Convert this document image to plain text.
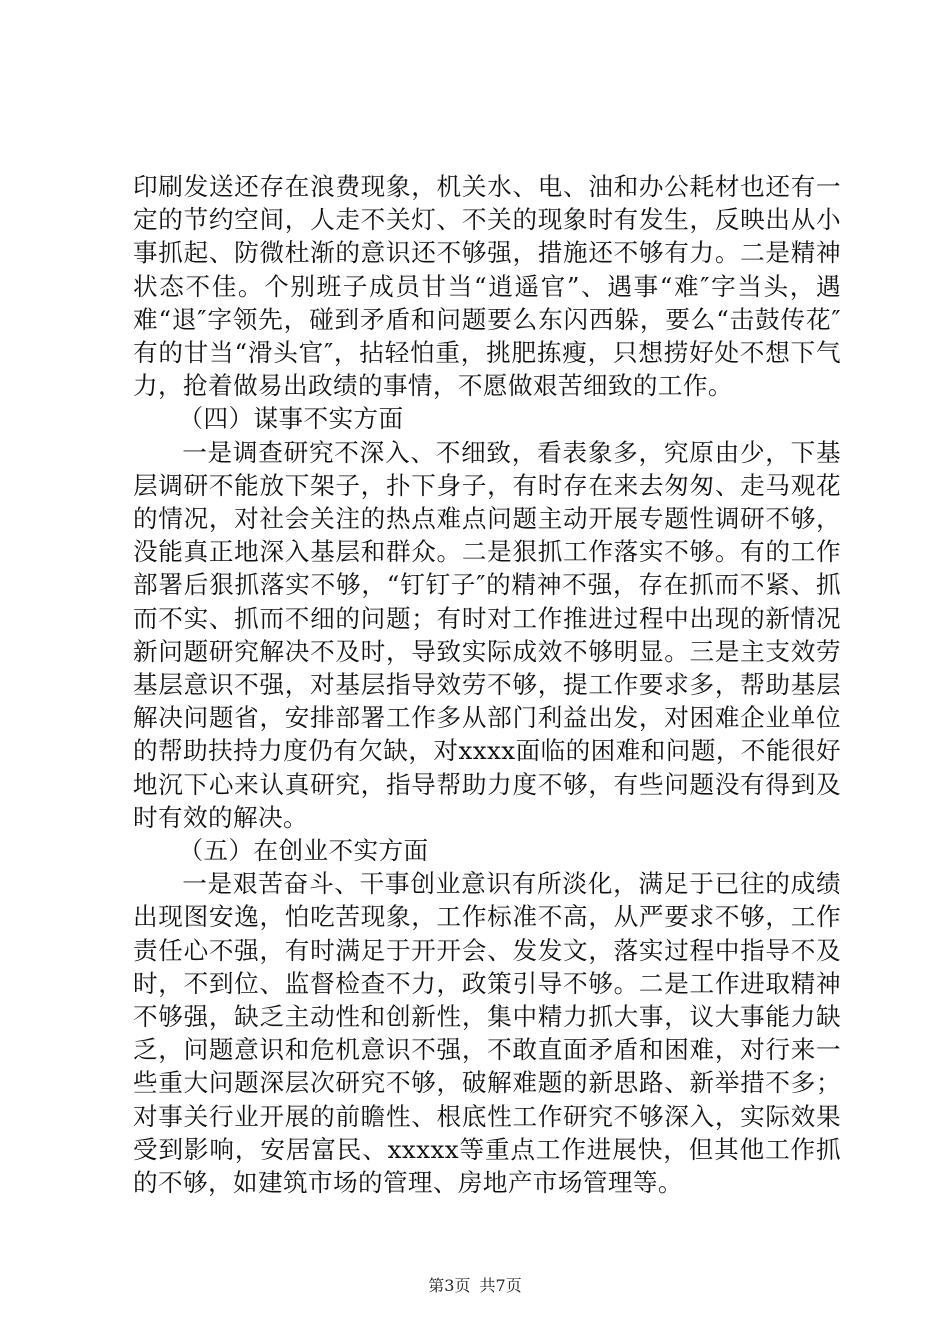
印刷发送还存在浪费现象，机关水、电、油和办公耗材也还有一定的节约空间，人走不关灯、不关的现象时有发生，反映出从小事抓起、防微杜渐的意识还不够强，措施还不够有力。二是精神状态不佳。个别班子成员甘当“逍遥官”、遇事“难″字当头，遇难“退″字领先，碰到矛盾和问题要么东闪西躲，要么“击鼓传花″有的甘当“滑头官″，拈轻怕重，挑肥拣瘦，只想捞好处不想下气力，抢着做易出政绩的事情，不愿做艰苦细致的工作。

（四）谋事不实方面

一是调查研究不深入、不细致，看表象多，究原由少，下基层调研不能放下架子，扑下身子，有时存在来去匆匆、走马观花的情况，对社会关注的热点难点问题主动开展专题性调研不够，没能真正地深入基层和群众。二是狠抓工作落实不够。有的工作部署后狠抓落实不够，“钉钉子″的精神不强，存在抓而不紧、抓而不实、抓而不细的问题；有时对工作推进过程中出现的新情况新问题研究解决不及时，导致实际成效不够明显。三是主支效劳基层意识不强，对基层指导效劳不够，提工作要求多，帮助基层解决问题省，安排部署工作多从部门利益出发，对困难企业单位的帮助扶持力度仍有欠缺，对xxxx面临的困难和问题，不能很好地沉下心来认真研究，指导帮助力度不够，有些问题没有得到及时有效的解决。

（五）在创业不实方面

一是艰苦奋斗、干事创业意识有所淡化，满足于已往的成绩出现图安逸，怕吃苦现象，工作标准不高，从严要求不够，工作责任心不强，有时满足于开开会、发发文，落实过程中指导不及时，不到位、监督检查不力，政策引导不够。二是工作进取精神不够强，缺乏主动性和创新性，集中精力抓大事，议大事能力缺乏，问题意识和危机意识不强，不敢直面矛盾和困难，对行来一些重大问题深层次研究不够，破解难题的新思路、新举措不多；对事关行业开展的前瞻性、根底性工作研究不够深入，实际效果受到影响，安居富民、xxxxx等重点工作进展快，但其他工作抓的不够，如建筑市场的管理、房地产市场管理等。

第3页 共7页
